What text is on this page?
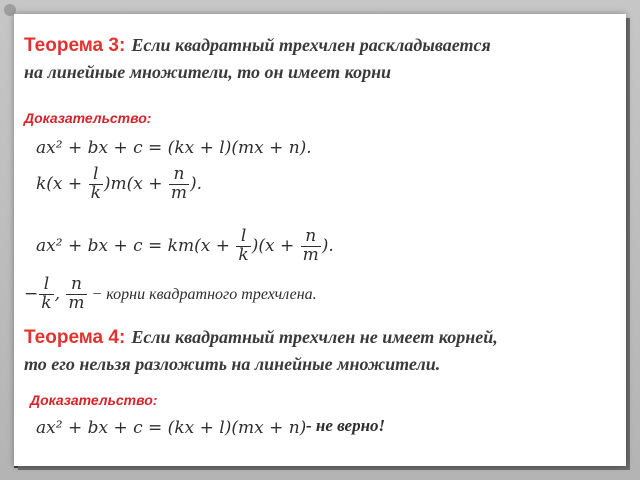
Теорема 3: Если квадратный трехчлен раскладывается
на линейные множители, то он имеет корни
Доказательство:
ax² + bx + c = (kx + l)(mx + n).
$k(x + \frac{l}{k} )m(x + \frac{n}{m}$ ).
ax² + bx + $c = km(x + \frac{l}{k} )(x + \frac{n}{m}$ ).
− $\frac{l}{k}$ , $\frac{n}{m}$ − корни квадратного трехчлена.
Теорема 4: Если квадратный трехчлен не имеет корней,
то его нельзя разложить на линейные множители.
Доказательство:
ax² + bx + c = (kx + l)(mx + n) - не верно!
